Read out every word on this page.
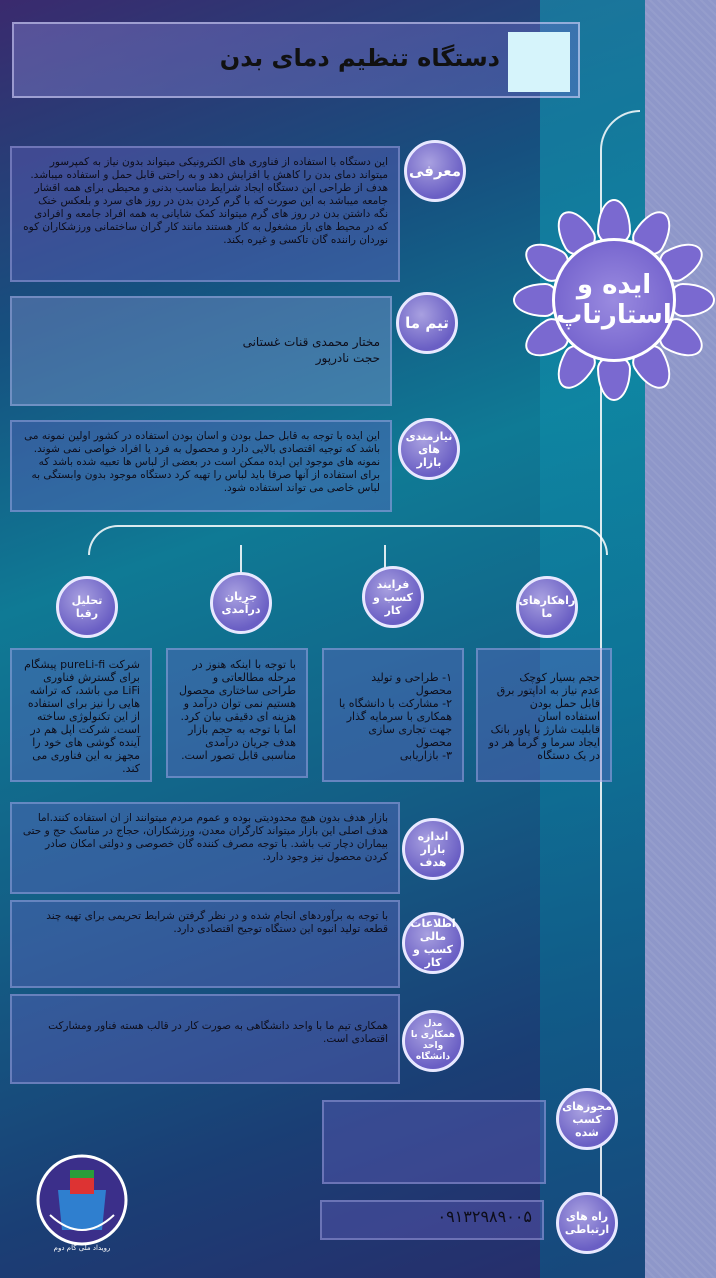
دستگاه تنظیم دمای بدن
ایده و
استارتاپ
این دستگاه با استفاده از فناوری های الکترونیکی میتواند بدون نیاز به کمپرسور میتواند دمای بدن را کاهش یا افزایش دهد و به راحتی قابل حمل و استفاده میباشد. هدف از طراحی این دستگاه ایجاد شرایط مناسب بدنی و محیطی برای همه اقشار جامعه میباشد به این صورت که با گرم کردن بدن در روز های سرد و بلعکس خنک نگه داشتن بدن در روز های گرم میتواند کمک شایانی به همه افراد جامعه و افرادی که در محیط های باز مشغول به کار هستند مانند کار گران ساختمانی ورزشکاران کوه نوردان راننده گان تاکسی و غیره بکند.
معرفی
مختار محمدی قنات غستانی
حجت نادرپور
تیم ما
این ایده با توجه به قابل حمل بودن و اسان بودن استفاده در کشور اولین نمونه می باشد که توجیه اقتصادی بالایی دارد و محصول به فرد یا افراد خواصی نمی شوند. نمونه های موجود این ایده ممکن است در بعضی از لباس ها تعبیه شده باشد که برای استفاده از آنها صرفا باید لباس را تهیه کرد دستگاه موجود بدون وابستگی به لباس خاصی می تواند استفاده شود.
نیازمندی های بازار
راهکارهای ما
فرایند کسب و کار
جریان درآمدی
تحلیل رقبا

حجم بسیار کوچک
عدم نیاز به اداپتور برق
قابل حمل بودن
استفاده اسان
قابلیت شارژ با پاور بانک
ایجاد سرما و گرما هر دو در یک دستگاه

۱- طراحی و تولید محصول
۲- مشارکت با دانشگاه یا همکاری با سرمایه گذار جهت تجاری سازی محصول
۳- بازاریابی

با توجه با اینکه هنوز در مرحله مطالعاتی و طراحی ساختاری محصول هستیم نمی توان درآمد و هزینه ای دقیقی بیان کرد. اما با توجه به حجم بازار هدف جریان درآمدی مناسبی قابل تصور است.
شرکت pureLi-fi پیشگام برای گسترش فناوری LiFi می باشد، که تراشه هایی را نیز برای استفاده از این تکنولوژی ساخته است. شرکت اپل هم در آینده گوشی های خود را مجهز به این فناوری می کند.
بازار هدف بدون هیچ محدودیتی بوده و عموم مردم میتوانند از ان استفاده کنند.اما هدف اصلی این بازار میتواند کارگران معدن، ورزشکاران، حجاج در مناسک حج و حتی بیماران دچار تب باشد. با توجه مصرف کننده گان خصوصی و دولتی امکان صادر کردن محصول نیز وجود دارد.
اندازه بازار هدف
با توجه به برآوردهای انجام شده و در نظر گرفتن شرایط تحریمی برای تهیه چند قطعه تولید انبوه این دستگاه توجیح اقتصادی دارد. اطلاعات مالی کسب و کار
همکاری تیم ما با واحد دانشگاهی به صورت کار در قالب هسته فناور ومشارکت اقتصادی است.
مدل همکاری با واحد دانشگاه
مجوزهای کسب شده
۰۹۱۳۲۹۸۹۰۰۵	راه های ارتباطی
رویداد ملی گام دوم
